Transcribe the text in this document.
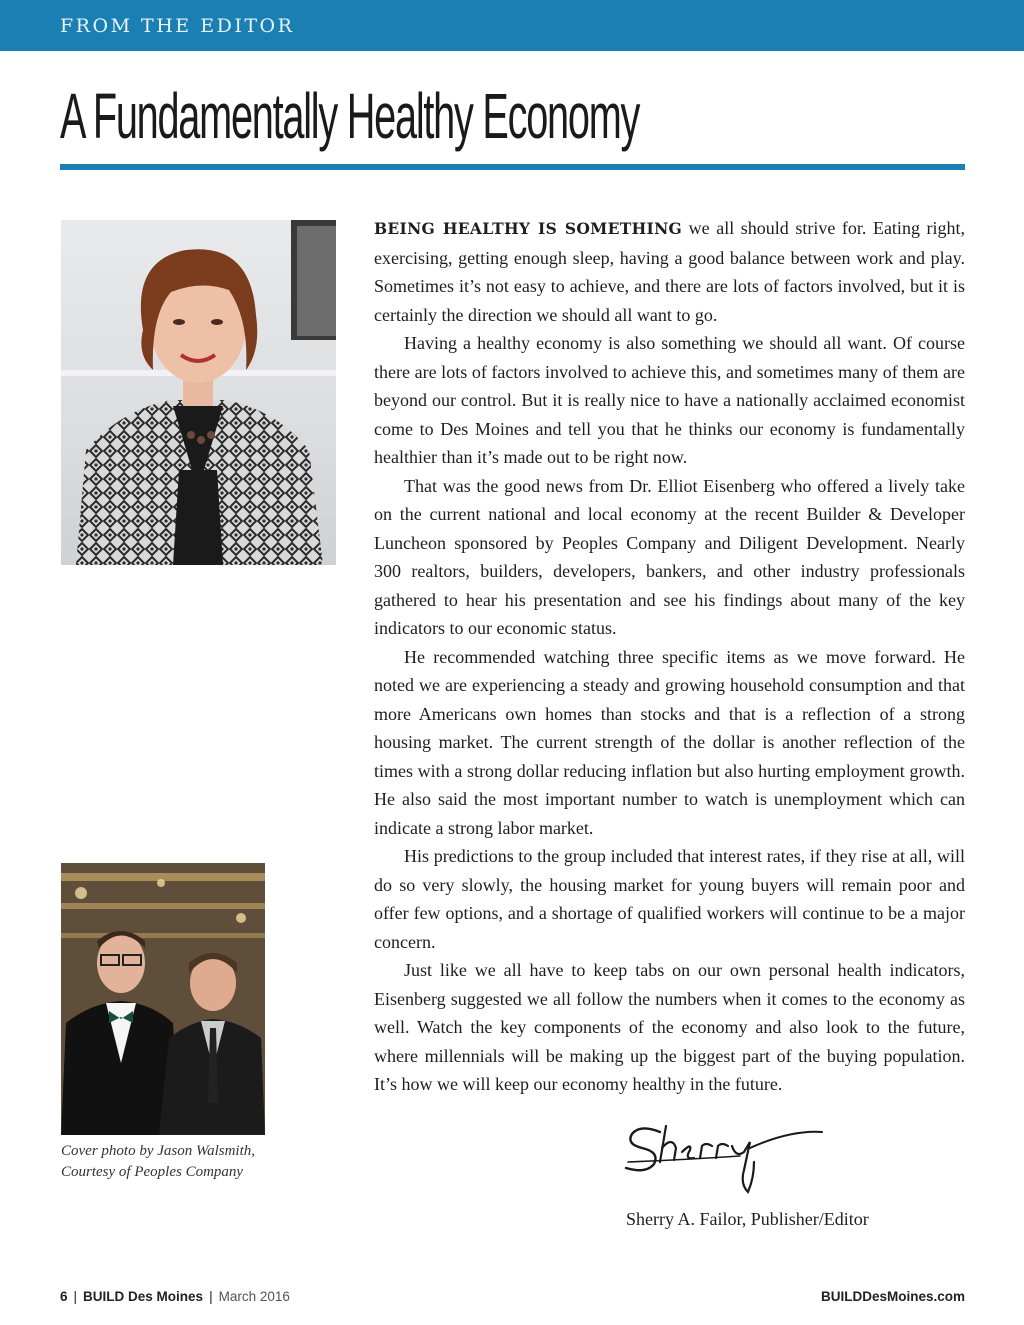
FROM THE EDITOR
A Fundamentally Healthy Economy
Cover photo by Jason Walsmith,
Courtesy of Peoples Company

BEING HEALTHY IS SOMETHING we all should strive for. Eating right, exercising, getting enough sleep, having a good balance between work and play. Sometimes it’s not easy to achieve, and there are lots of factors involved, but it is certainly the direction we should all want to go.

Having a healthy economy is also something we should all want. Of course there are lots of factors involved to achieve this, and sometimes many of them are beyond our control. But it is really nice to have a nationally acclaimed economist come to Des Moines and tell you that he thinks our economy is fundamentally healthier than it’s made out to be right now.

That was the good news from Dr. Elliot Eisenberg who offered a lively take on the current national and local economy at the recent Builder & Developer Luncheon sponsored by Peoples Company and Diligent Development. Nearly 300 realtors, builders, developers, bankers, and other industry professionals gathered to hear his presentation and see his findings about many of the key indicators to our economic status.

He recommended watching three specific items as we move forward. He noted we are experiencing a steady and growing household consumption and that more Americans own homes than stocks and that is a reflection of a strong housing market. The current strength of the dollar is another reflection of the times with a strong dollar reducing inflation but also hurting employment growth. He also said the most important number to watch is unemployment which can indicate a strong labor market.

His predictions to the group included that interest rates, if they rise at all, will do so very slowly, the housing market for young buyers will remain poor and offer few options, and a shortage of qualified workers will continue to be a major concern.

Just like we all have to keep tabs on our own personal health indicators, Eisenberg suggested we all follow the numbers when it comes to the economy as well. Watch the key components of the economy and also look to the future, where millennials will be making up the biggest part of the buying population. It’s how we will keep our economy healthy in the future.

Sherry A. Failor, Publisher/Editor
6 | BUILD Des Moines | March 2016	BUILDDesMoines.com
